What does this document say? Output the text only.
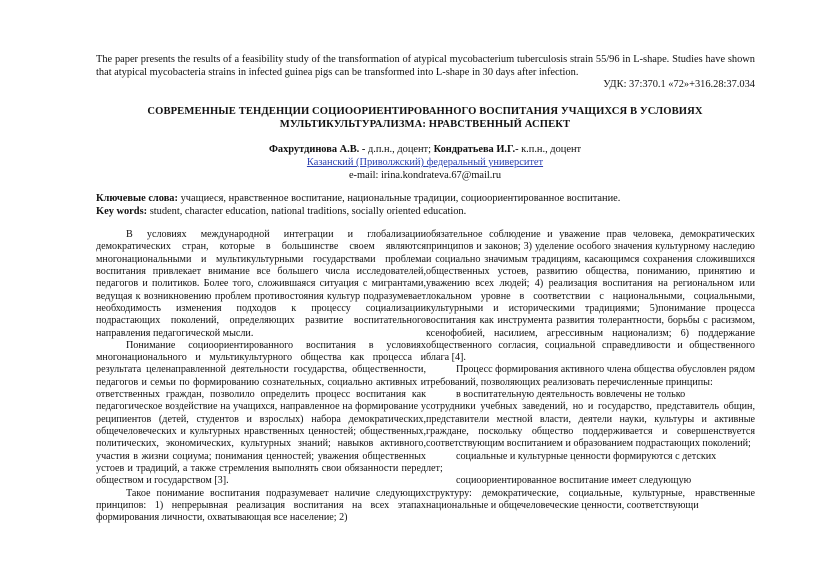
The paper presents the results of a feasibility study of the transformation of atypical mycobacterium tuberculosis strain 55/96 in L-shape. Studies have shown that atypical mycobacteria strains in infected guinea pigs can be transformed into L-shape in 30 days after infection.

УДК: 37:370.1 «72»+316.28:37.034

СОВРЕМЕННЫЕ ТЕНДЕНЦИИ СОЦИООРИЕНТИРОВАННОГО ВОСПИТАНИЯ УЧАЩИХСЯ В УСЛОВИЯХ
МУЛЬТИКУЛЬТУРАЛИЗМА: НРАВСТВЕННЫЙ АСПЕКТ

Фахрутдинова А.В. - д.п.н., доцент; Кондратьева И.Г.- к.п.н., доцент

Казанский (Приволжский) федеральный университет

e-mail: irina.kondrateva.67@mail.ru

Ключевые слова: учащиеся, нравственное воспитание, национальные традиции, социоориентированное воспитание.

Key words: student, character education, national traditions, socially oriented education.

В условиях международной интеграции и глобализации демократических стран, которые в большинстве своем являются многонациональными и мультикультурными государствами проблема воспитания привлекает внимание все большего числа исследователей, педагогов и политиков. Более того, сложившаяся ситуация с мигрантами, ведущая к возникновению проблем противостояния культур подразумевает необходимость изменения подходов к процессу социализации подрастающих поколений, определяющих развитие воспитательного направления педагогической мысли.

Понимание социоориентированного воспитания в условиях многонационального и мультикультурного общества как процесса и результата целенаправленной деятельности государства, общественности, педагогов и семьи по формированию сознательных, социально активных и ответственных граждан, позволило определить процесс воспитания как педагогическое воздействие на учащихся, направленное на формирование у реципиентов (детей, студентов и взрослых) набора демократических, общечеловеческих и культурных нравственных ценностей; общественных, политических, экономических, культурных знаний; навыков активного, участия в жизни социума; понимания ценностей; уважения общественных устоев и традиций, а также стремления выполнять свои обязанности перед обществом и государством [3].

Такое понимание воспитания подразумевает наличие следующих принципов: 1) непрерывная реализация воспитания на всех этапах формирования личности, охватывающая все население; 2)

обязательное соблюдение и уважение прав человека, демократических принципов и законов; 3) уделение особого значения культурному наследию и социально значимым традициям, касающимся сохранения сложившихся общественных устоев, развитию общества, пониманию, принятию и уважению всех людей; 4) реализация воспитания на региональном или локальном уровне в соответствии с национальными, социальными, культурными и историческими традициями; 5)понимание процесса воспитания как инструмента развития толерантности, борьбы с расизмом, ксенофобией, насилием, агрессивным национализм; 6) поддержание общественного согласия, социальной справедливости и общественного блага [4].

Процесс формирования активного члена общества обусловлен рядом требований, позволяющих реализовать перечисленные принципы:

в воспитательную деятельность вовлечены не только

сотрудники учебных заведений, но и государство, представитель общин, представители местной власти, деятели науки, культуры и активные граждане, поскольку общество поддерживается и совершенствуется соответствующим воспитанием и образованием подрастающих поколений;

социальные и культурные ценности формируются с детских

лет;

социоориентированное воспитание имеет следующую

структуру: демократические, социальные, культурные, нравственные национальные и общечеловеческие ценности, соответствующи
